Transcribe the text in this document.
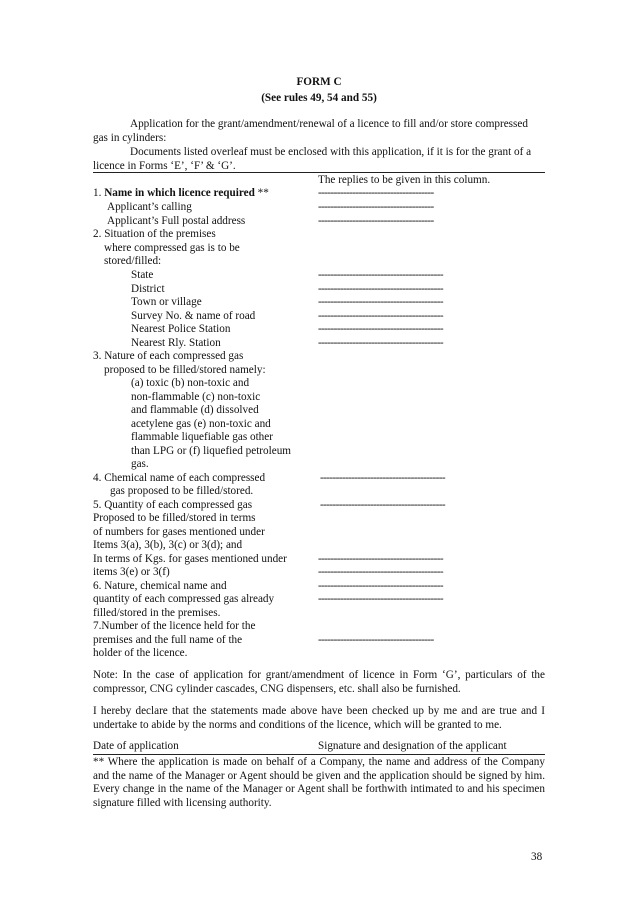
FORM C
(See rules 49, 54 and 55)
Application for the grant/amendment/renewal of a licence to fill and/or store compressed
gas in cylinders:
Documents listed overleaf must be enclosed with this application, if it is for the grant of a
licence in Forms ‘E’, ‘F’ & ‘G’.
The replies to be given in this column.
1. Name in which licence required **	-------------------------------------
Applicant’s calling	-------------------------------------
Applicant’s Full postal address	-------------------------------------
2. Situation of the premises
where compressed gas is to be
stored/filled:
State	----------------------------------------
District	----------------------------------------
Town or village	----------------------------------------
Survey No. & name of road	----------------------------------------
Nearest Police Station	----------------------------------------
Nearest Rly. Station	----------------------------------------
3. Nature of each compressed gas
proposed to be filled/stored namely:
(a) toxic (b) non-toxic and
non-flammable (c) non-toxic
and flammable (d) dissolved
acetylene gas (e) non-toxic and
flammable liquefiable gas other
than LPG or (f) liquefied petroleum
gas.
4. Chemical name of each compressed	----------------------------------------
gas proposed to be filled/stored.
5. Quantity of each compressed gas	----------------------------------------
Proposed to be filled/stored in terms
of numbers for gases mentioned under
Items 3(a), 3(b), 3(c) or 3(d); and
In terms of Kgs. for gases mentioned under	----------------------------------------
items 3(e) or 3(f)	----------------------------------------
6. Nature, chemical name and	----------------------------------------
quantity of each compressed gas already	----------------------------------------
filled/stored in the premises.
7.Number of the licence held for the
premises and the full name of the	-------------------------------------
holder of the licence.
Note: In the case of application for grant/amendment of licence in Form ‘G’, particulars of the compressor, CNG cylinder cascades, CNG dispensers, etc. shall also be furnished.
I hereby declare that the statements made above have been checked up by me and are true and I undertake to abide by the norms and conditions of the licence, which will be granted to me.
Date of application	Signature and designation of the applicant
** Where the application is made on behalf of a Company, the name and address of the Company and the name of the Manager or Agent should be given and the application should be signed by him. Every change in the name of the Manager or Agent shall be forthwith intimated to and his specimen signature filled with licensing authority.
38
